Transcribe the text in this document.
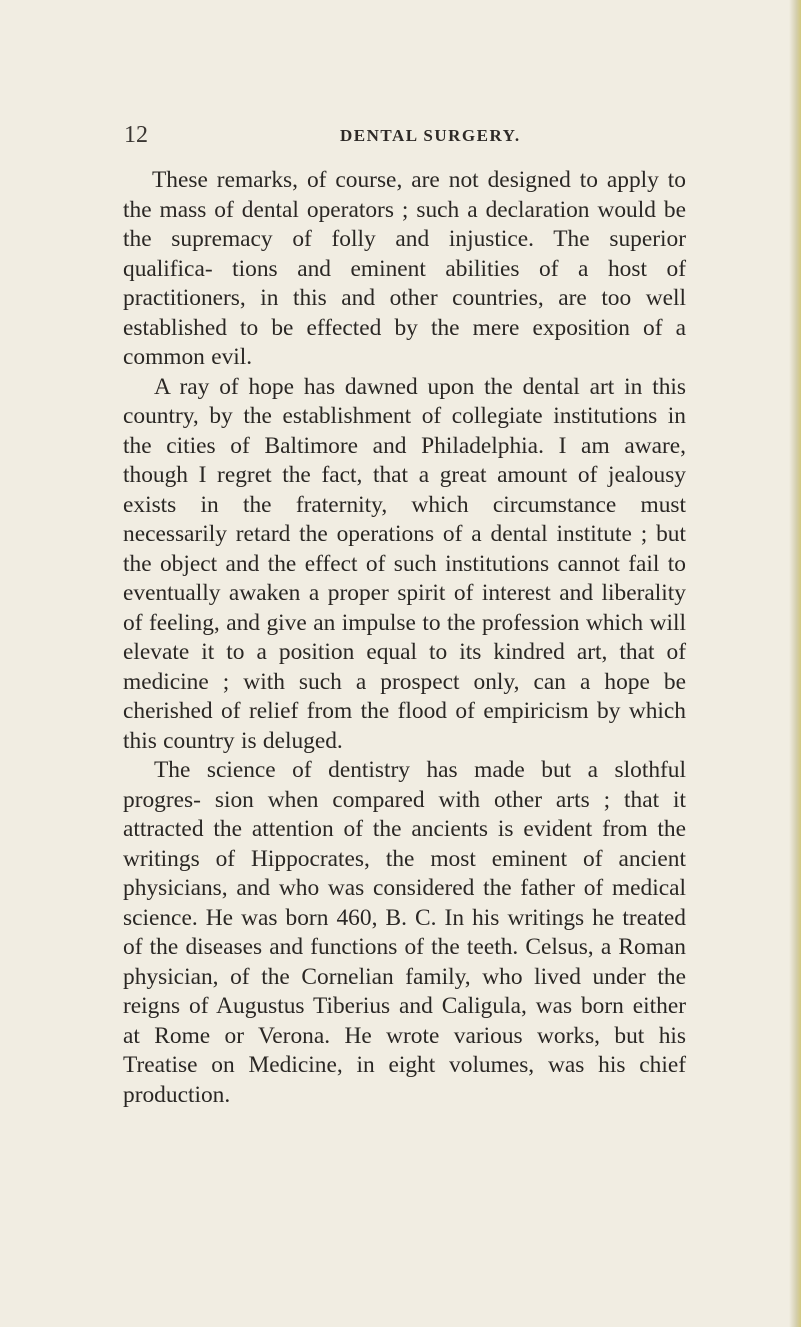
12	DENTAL SURGERY.

These remarks, of course, are not designed to apply to the mass of dental operators ; such a declaration would be the supremacy of folly and injustice. The superior qualifica- tions and eminent abilities of a host of practitioners, in this and other countries, are too well established to be effected by the mere exposition of a common evil.

A ray of hope has dawned upon the dental art in this country, by the establishment of collegiate institutions in the cities of Baltimore and Philadelphia. I am aware, though I regret the fact, that a great amount of jealousy exists in the fraternity, which circumstance must necessarily retard the operations of a dental institute ; but the object and the effect of such institutions cannot fail to eventually awaken a proper spirit of interest and liberality of feeling, and give an impulse to the profession which will elevate it to a position equal to its kindred art, that of medicine ; with such a prospect only, can a hope be cherished of relief from the flood of empiricism by which this country is deluged.

The science of dentistry has made but a slothful progres- sion when compared with other arts ; that it attracted the attention of the ancients is evident from the writings of Hippocrates, the most eminent of ancient physicians, and who was considered the father of medical science. He was born 460, B. C. In his writings he treated of the diseases and functions of the teeth. Celsus, a Roman physician, of the Cornelian family, who lived under the reigns of Augustus Tiberius and Caligula, was born either at Rome or Verona. He wrote various works, but his Treatise on Medicine, in eight volumes, was his chief production.
